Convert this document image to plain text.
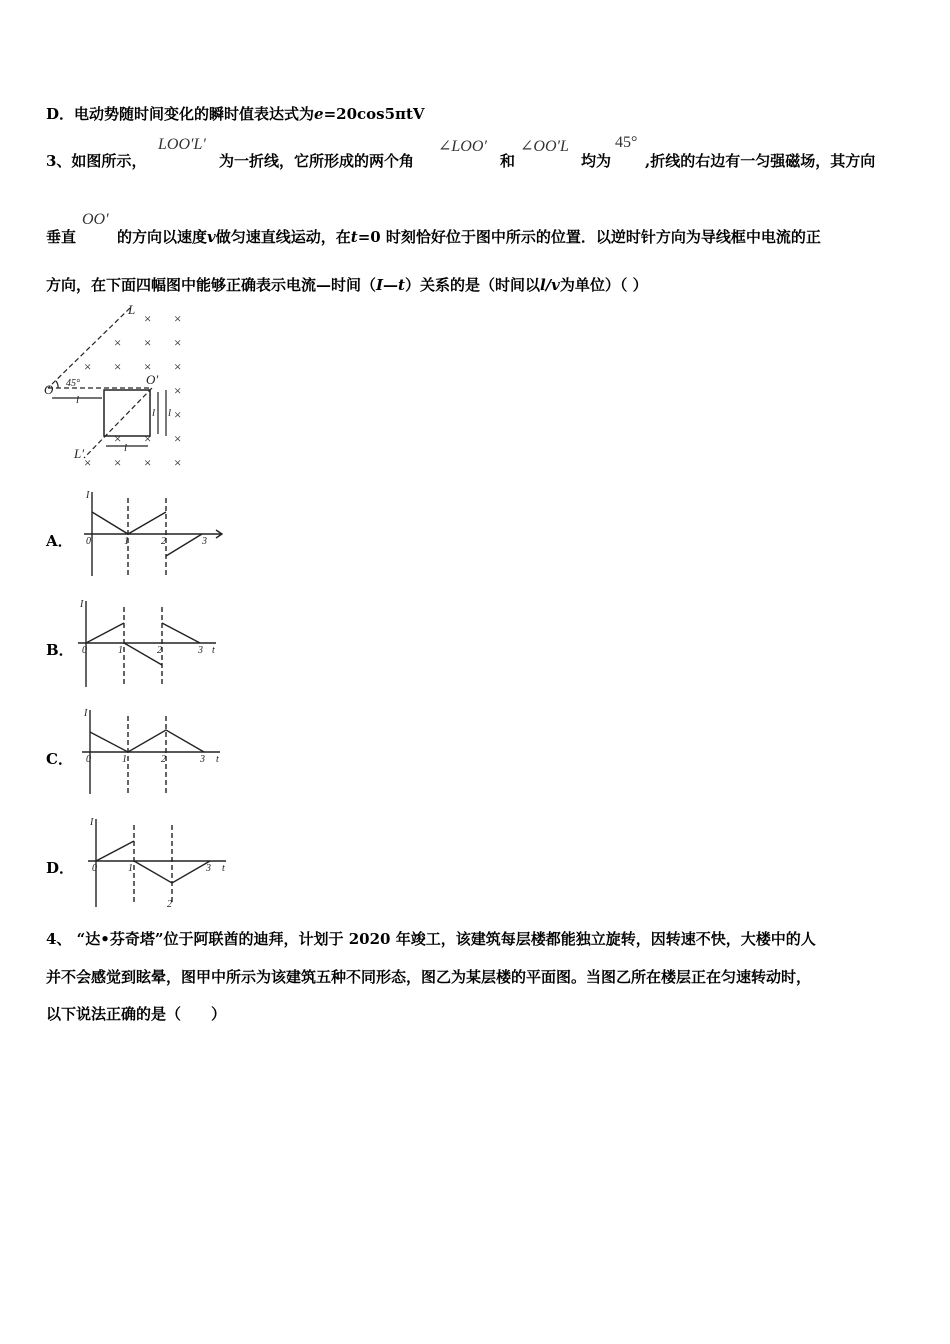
D．电动势随时间变化的瞬时值表达式为e=20cos5πtV
3、如图所示，
LOO′L′
为一折线，它所形成的两个角
∠LOO′
和
∠OO′L
均为
45°
,折线的右边有一匀强磁场，其方向
垂直
OO′
的方向以速度v做匀速直线运动，在t=0 时刻恰好位于图中所示的位置．以逆时针方向为导线框中电流的正
方向，在下面四幅图中能够正确表示电流—时间（I—t）关系的是（时间以l/v为单位）（ ）
L
O 45°	O′
l
l
l l
L′
× ×
× × ×
× × × ×
×
×
× × ×
× × × ×
A．
I
0	1	2	3
B．
I
0	1	2	3 t
C．
I
0	1	2	3 t
D．
I
0	1
2
3 t
4、 “达•芬奇塔”位于阿联酋的迪拜，计划于 2020 年竣工，该建筑每层楼都能独立旋转，因转速不快，大楼中的人
并不会感觉到眩晕，图甲中所示为该建筑五种不同形态，图乙为某层楼的平面图。当图乙所在楼层正在匀速转动时，
以下说法正确的是（　　）
